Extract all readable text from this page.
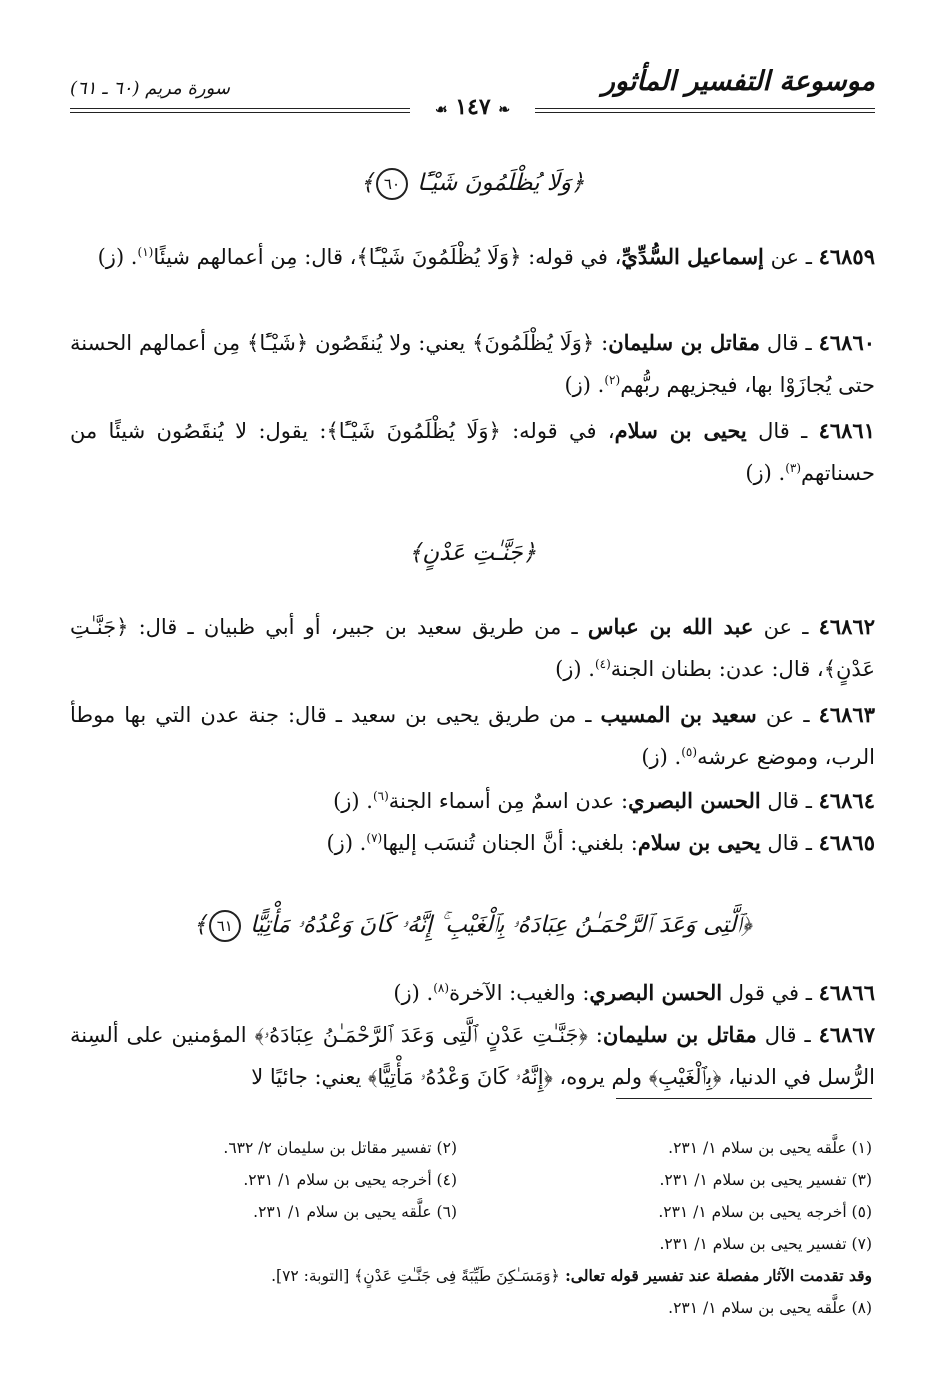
موسوعة التفسير المأثور
سورة مريم (٦٠ ـ ٦١)
❧ ١٤٧ ☙
﴿وَلَا يُظْلَمُونَ شَيْـًٔا ٦٠﴾
٤٦٨٥٩ ـ عن إسماعيل السُّدِّيِّ، في قوله: ﴿وَلَا يُظْلَمُونَ شَيْـًٔا﴾، قال: مِن أعمالهم شيئًا$^{(١)}$. (ز)
٤٦٨٦٠ ـ قال مقاتل بن سليمان: ﴿وَلَا يُظْلَمُونَ﴾ يعني: ولا يُنقَصُون ﴿شَيْـًٔا﴾ مِن أعمالهم الحسنة حتى يُجازَوْا بها، فيجزيهم ربُّهم$^{(٢)}$. (ز)
٤٦٨٦١ ـ قال يحيى بن سلام، في قوله: ﴿وَلَا يُظْلَمُونَ شَيْـًٔا﴾: يقول: لا يُنقَصُون شيئًا من حسناتهم$^{(٣)}$. (ز)
﴿جَنَّـٰتِ عَدْنٍ﴾
٤٦٨٦٢ ـ عن عبد الله بن عباس ـ من طريق سعيد بن جبير، أو أبي ظبيان ـ قال: ﴿جَنَّـٰتِ عَدْنٍ﴾، قال: عدن: بطنان الجنة$^{(٤)}$. (ز)
٤٦٨٦٣ ـ عن سعيد بن المسيب ـ من طريق يحيى بن سعيد ـ قال: جنة عدن التي بها موطأ الرب، وموضع عرشه$^{(٥)}$. (ز)
٤٦٨٦٤ ـ قال الحسن البصري: عدن اسمٌ مِن أسماء الجنة$^{(٦)}$. (ز)
٤٦٨٦٥ ـ قال يحيى بن سلام: بلغني: أنَّ الجنان تُنسَب إليها$^{(٧)}$. (ز)
﴿ٱلَّتِى وَعَدَ ٱلرَّحْمَـٰنُ عِبَادَهُۥ بِٱلْغَيْبِ ۚ إِنَّهُۥ كَانَ وَعْدُهُۥ مَأْتِيًّا ٦١﴾
٤٦٨٦٦ ـ في قول الحسن البصري: والغيب: الآخرة$^{(٨)}$. (ز)
٤٦٨٦٧ ـ قال مقاتل بن سليمان: ﴿جَنَّـٰتِ عَدْنٍ ٱلَّتِى وَعَدَ ٱلرَّحْمَـٰنُ عِبَادَهُۥ﴾ المؤمنين على ألسِنة الرُّسل في الدنيا، ﴿بِٱلْغَيْبِ﴾ ولم يروه، ﴿إِنَّهُۥ كَانَ وَعْدُهُۥ مَأْتِيًّا﴾ يعني: جائيًا لا
(١) علَّقه يحيى بن سلام ١/ ٢٣١.
(٢) تفسير مقاتل بن سليمان ٢/ ٦٣٢.
(٣) تفسير يحيى بن سلام ١/ ٢٣١.
(٤) أخرجه يحيى بن سلام ١/ ٢٣١.
(٥) أخرجه يحيى بن سلام ١/ ٢٣١.
(٦) علَّقه يحيى بن سلام ١/ ٢٣١.
(٧) تفسير يحيى بن سلام ١/ ٢٣١.
وقد تقدمت الآثار مفصلة عند تفسير قوله تعالى: ﴿وَمَسَـٰكِنَ طَيِّبَةً فِى جَنَّـٰتِ عَدْنٍ﴾ [التوبة: ٧٢].
(٨) علَّقه يحيى بن سلام ١/ ٢٣١.
